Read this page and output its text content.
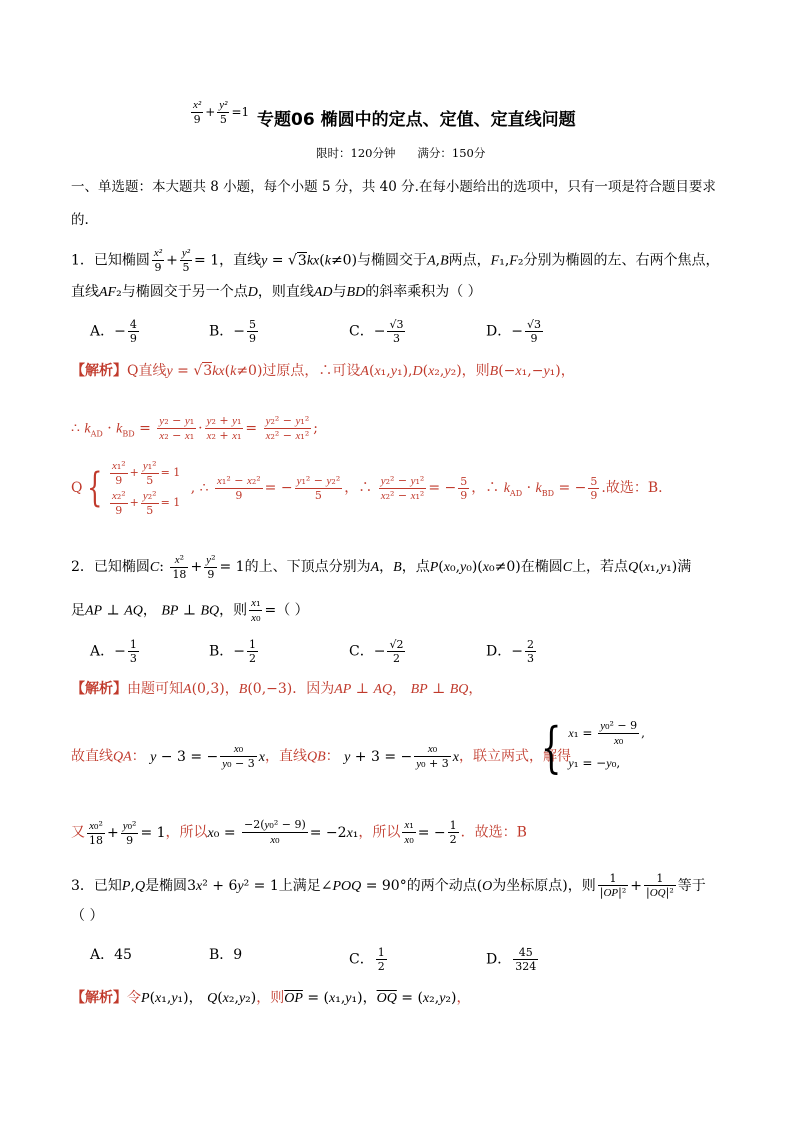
$\frac{\text{x²}}{9} + \frac{\text{y²}}{5} =1$ 专题06 椭圆中的定点、定值、定直线问题
限时：120分钟      满分：150分
一、单选题：本大题共 8 小题，每个小题 5 分，共 40 分.在每小题给出的选项中，只有一项是符合题目要求
的.
1．已知椭圆 $\frac{\text{x²}}{9} + \frac{\text{y²}}{5} = 1$，直线y = √3kx(k≠0)与椭圆交于A,B两点，F₁,F₂分别为椭圆的左、右两个焦点，
直线AF₂与椭圆交于另一个点D，则直线AD与BD的斜率乘积为（ ）
A．− $\frac{4}{9}$	B．− $\frac{5}{9}$	C．− $\frac{√3}{3}$	D．− $\frac{√3}{9}$
【解析】Q直线y = √3kx(k≠0)过原点，∴可设A(x₁,y₁),D(x₂,y₂)，则B(−x₁,−y₁)，
∴ $k_{AD} \cdot k_{BD} = \frac{\text{y₂ − y₁}}{\text{x₂ − x₁}} \cdot \frac{\text{y₂ + y₁}}{\text{x₂ + x₁}} = \frac{\text{y₂² − y₁²}}{\text{x₂² − x₁²}}$ ;
Q { $\frac{\text{x₁²}}{9} + \frac{\text{y₁²}}{5} = 1$
$\frac{\text{x₂²}}{9} + \frac{\text{y₂²}}{5} = 1$
, ∴ $\frac{\text{x₁² − x₂²}}{9}$ = − $\frac{\text{y₁² − y₂²}}{5}$ ，∴ $\frac{\text{y₂² − y₁²}}{\text{x₂² − x₁²}}$ = − $\frac{5}{9}$ ，∴ $k_{AD} \cdot k_{BD}$ = − $\frac{5}{9}$ .故选：B.
2．已知椭圆C: $\frac{\text{x²}}{18} + \frac{\text{y²}}{9} = 1$的上、下顶点分别为A，B，点P(x₀,y₀)(x₀≠0)在椭圆C上，若点Q(x₁,y₁)满
足AP ⊥ AQ， BP ⊥ BQ，则 $\frac{\text{x₁}}{\text{x₀}}$ =（ ）
A．− $\frac{1}{3}$	B．− $\frac{1}{2}$	C．− $\frac{√2}{2}$	D．− $\frac{2}{3}$
【解析】由题可知A(0,3)，B(0,−3)．因为AP ⊥ AQ， BP ⊥ BQ，
故直线QA： y − 3 = − $\frac{\text{x₀}}{\text{y₀ − 3}}$ x，直线QB： y + 3 = − $\frac{\text{x₀}}{\text{y₀ + 3}}$ x，联立两式，解得
{ $x_1 = \frac{\text{y₀² − 9}}{\text{x₀}}$ ,
y₁ = −y₀,
又 $\frac{\text{x₀²}}{18} + \frac{\text{y₀²}}{9} = 1$，所以$x_0 = \frac{\text{−2(y₀² − 9)}}{\text{x₀}} = -2x_1$，所以 $\frac{\text{x₁}}{\text{x₀}}$ = − $\frac{1}{2}$ ．故选：B
3．已知P,Q是椭圆3x² + 6y² = 1上满足∠POQ = 90°的两个动点(O为坐标原点)，则 $\frac{1}{\text{|OP|²}} + \frac{1}{\text{|OQ|²}}$ 等于
（ ）
A．45	B．9	C． $\frac{1}{2}$	D． $\frac{45}{324}$
【解析】令P(x₁,y₁)， Q(x₂,y₂)，则$\overline{OP} = (x_1,y_1)$，$\overline{OQ} = (x_2,y_2)$，
